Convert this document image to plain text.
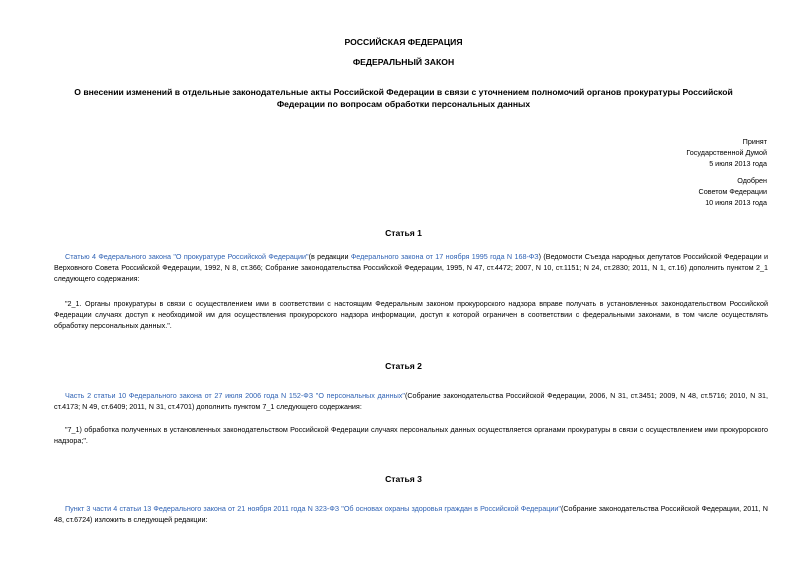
РОССИЙСКАЯ ФЕДЕРАЦИЯ
ФЕДЕРАЛЬНЫЙ ЗАКОН
О внесении изменений в отдельные законодательные акты Российской Федерации в связи с уточнением полномочий органов прокуратуры Российской
Федерации по вопросам обработки персональных данных
Принят
Государственной Думой
5 июля 2013 года
Одобрен
Советом Федерации
10 июля 2013 года
Статья 1
Статью 4 Федерального закона "О прокуратуре Российской Федерации"(в редакции Федерального закона от 17 ноября 1995 года N 168-ФЗ) (Ведомости Съезда народных депутатов Российской Федерации и Верховного Совета Российской Федерации, 1992, N 8, ст.366; Собрание законодательства Российской Федерации, 1995, N 47, ст.4472; 2007, N 10, ст.1151; N 24, ст.2830; 2011, N 1, ст.16) дополнить пунктом 2_1 следующего содержания:
"2_1. Органы прокуратуры в связи с осуществлением ими в соответствии с настоящим Федеральным законом прокурорского надзора вправе получать в установленных законодательством Российской Федерации случаях доступ к необходимой им для осуществления прокурорского надзора информации, доступ к которой ограничен в соответствии с федеральными законами, в том числе осуществлять обработку персональных данных.".
Статья 2
Часть 2 статьи 10 Федерального закона от 27 июля 2006 года N 152-ФЗ "О персональных данных"(Собрание законодательства Российской Федерации, 2006, N 31, ст.3451; 2009, N 48, ст.5716; 2010, N 31, ст.4173; N 49, ст.6409; 2011, N 31, ст.4701) дополнить пунктом 7_1 следующего содержания:
"7_1) обработка полученных в установленных законодательством Российской Федерации случаях персональных данных осуществляется органами прокуратуры в связи с осуществлением ими прокурорского надзора;".
Статья 3
Пункт 3 части 4 статьи 13 Федерального закона от 21 ноября 2011 года N 323-ФЗ "Об основах охраны здоровья граждан в Российской Федерации"(Собрание законодательства Российской Федерации, 2011, N 48, ст.6724) изложить в следующей редакции:
